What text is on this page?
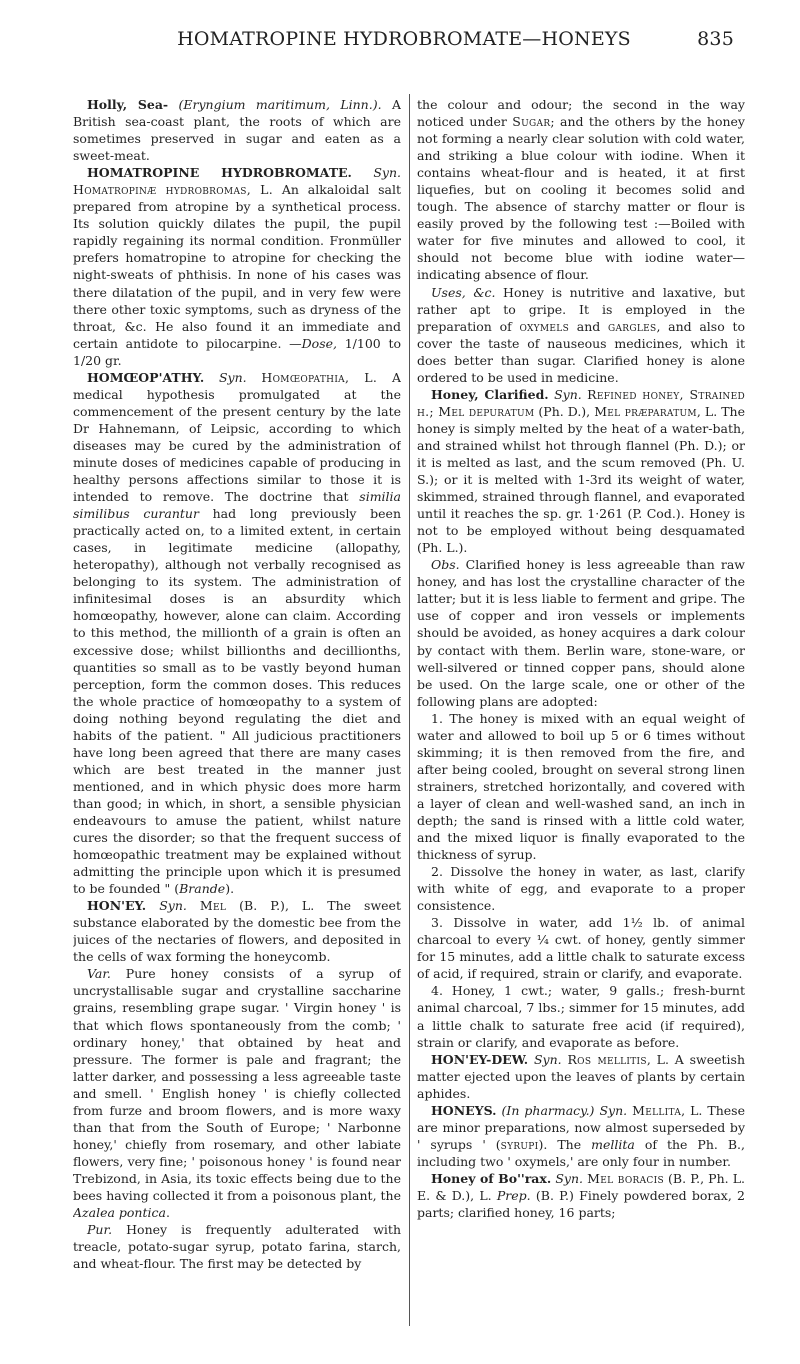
HOMATROPINE HYDROBROMATE—HONEYS	835

Holly, Sea- (Eryngium maritimum, Linn.). A British sea-coast plant, the roots of which are sometimes preserved in sugar and eaten as a sweet-meat.

HOMATROPINE HYDROBROMATE. Syn. Homatropinæ hydrobromas, L. An alkaloidal salt prepared from atropine by a synthetical process. Its solution quickly dilates the pupil, the pupil rapidly regaining its normal condition. Fronmüller prefers homatropine to atropine for checking the night-sweats of phthisis. In none of his cases was there dilatation of the pupil, and in very few were there other toxic symptoms, such as dryness of the throat, &c. He also found it an immediate and certain antidote to pilocarpine. —Dose, 1/100 to 1/20 gr.

HOMŒOP'ATHY. Syn. Homœopathia, L. A medical hypothesis promulgated at the commencement of the present century by the late Dr Hahnemann, of Leipsic, according to which diseases may be cured by the administration of minute doses of medicines capable of producing in healthy persons affections similar to those it is intended to remove. The doctrine that similia similibus curantur had long previously been practically acted on, to a limited extent, in certain cases, in legitimate medicine (allopathy, heteropathy), although not verbally recognised as belonging to its system. The administration of infinitesimal doses is an absurdity which homœopathy, however, alone can claim. According to this method, the millionth of a grain is often an excessive dose; whilst billionths and decillionths, quantities so small as to be vastly beyond human perception, form the common doses. This reduces the whole practice of homœopathy to a system of doing nothing beyond regulating the diet and habits of the patient. " All judicious practitioners have long been agreed that there are many cases which are best treated in the manner just mentioned, and in which physic does more harm than good; in which, in short, a sensible physician endeavours to amuse the patient, whilst nature cures the disorder; so that the frequent success of homœopathic treatment may be explained without admitting the principle upon which it is presumed to be founded " (Brande).

HON'EY. Syn. Mel (B. P.), L. The sweet substance elaborated by the domestic bee from the juices of the nectaries of flowers, and deposited in the cells of wax forming the honeycomb.

Var. Pure honey consists of a syrup of uncrystallisable sugar and crystalline saccharine grains, resembling grape sugar. ' Virgin honey ' is that which flows spontaneously from the comb; ' ordinary honey,' that obtained by heat and pressure. The former is pale and fragrant; the latter darker, and possessing a less agreeable taste and smell. ' English honey ' is chiefly collected from furze and broom flowers, and is more waxy than that from the South of Europe; ' Narbonne honey,' chiefly from rosemary, and other labiate flowers, very fine; ' poisonous honey ' is found near Trebizond, in Asia, its toxic effects being due to the bees having collected it from a poisonous plant, the Azalea pontica.

Pur. Honey is frequently adulterated with treacle, potato-sugar syrup, potato farina, starch, and wheat-flour. The first may be detected by

the colour and odour; the second in the way noticed under Sugar; and the others by the honey not forming a nearly clear solution with cold water, and striking a blue colour with iodine. When it contains wheat-flour and is heated, it at first liquefies, but on cooling it becomes solid and tough. The absence of starchy matter or flour is easily proved by the following test :—Boiled with water for five minutes and allowed to cool, it should not become blue with iodine water—indicating absence of flour.

Uses, &c. Honey is nutritive and laxative, but rather apt to gripe. It is employed in the preparation of oxymels and gargles, and also to cover the taste of nauseous medicines, which it does better than sugar. Clarified honey is alone ordered to be used in medicine.

Honey, Clarified. Syn. Refined honey, Strained h.; Mel depuratum (Ph. D.), Mel præparatum, L. The honey is simply melted by the heat of a water-bath, and strained whilst hot through flannel (Ph. D.); or it is melted as last, and the scum removed (Ph. U. S.); or it is melted with 1-3rd its weight of water, skimmed, strained through flannel, and evaporated until it reaches the sp. gr. 1·261 (P. Cod.). Honey is not to be employed without being desquamated (Ph. L.).

Obs. Clarified honey is less agreeable than raw honey, and has lost the crystalline character of the latter; but it is less liable to ferment and gripe. The use of copper and iron vessels or implements should be avoided, as honey acquires a dark colour by contact with them. Berlin ware, stone-ware, or well-silvered or tinned copper pans, should alone be used. On the large scale, one or other of the following plans are adopted:

1. The honey is mixed with an equal weight of water and allowed to boil up 5 or 6 times without skimming; it is then removed from the fire, and after being cooled, brought on several strong linen strainers, stretched horizontally, and covered with a layer of clean and well-washed sand, an inch in depth; the sand is rinsed with a little cold water, and the mixed liquor is finally evaporated to the thickness of syrup.

2. Dissolve the honey in water, as last, clarify with white of egg, and evaporate to a proper consistence.

3. Dissolve in water, add 1½ lb. of animal charcoal to every ¼ cwt. of honey, gently simmer for 15 minutes, add a little chalk to saturate excess of acid, if required, strain or clarify, and evaporate.

4. Honey, 1 cwt.; water, 9 galls.; fresh-burnt animal charcoal, 7 lbs.; simmer for 15 minutes, add a little chalk to saturate free acid (if required), strain or clarify, and evaporate as before.

HON'EY-DEW. Syn. Ros mellitis, L. A sweetish matter ejected upon the leaves of plants by certain aphides.

HONEYS. (In pharmacy.) Syn. Mellita, L. These are minor preparations, now almost superseded by ' syrups ' (syrupi). The mellita of the Ph. B., including two ' oxymels,' are only four in number.

Honey of Bo''rax. Syn. Mel boracis (B. P., Ph. L. E. & D.), L. Prep. (B. P.) Finely powdered borax, 2 parts; clarified honey, 16 parts;
